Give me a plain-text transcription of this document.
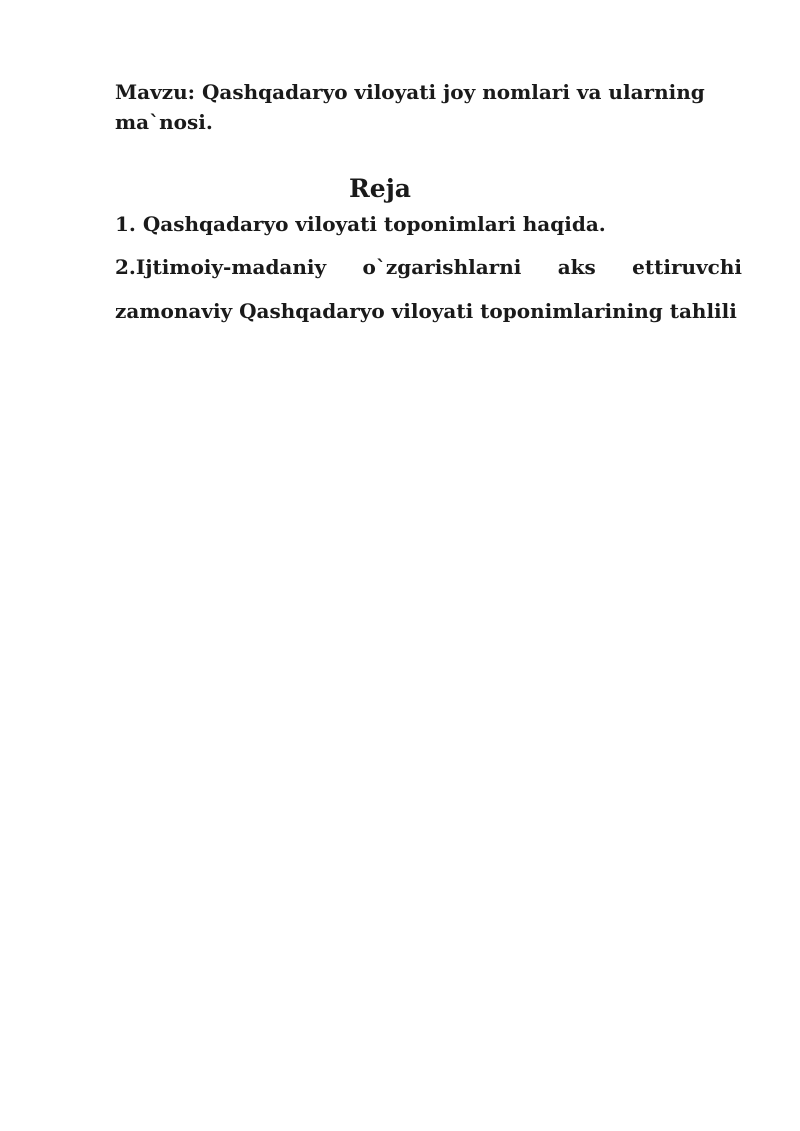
Mavzu: Qashqadaryo viloyati joy nomlari va ularning ma`nosi.

Reja
1. Qashqadaryo viloyati toponimlari haqida.
2.Ijtimoiy-madaniy o`zgarishlarni aks ettiruvchi zamonaviy Qashqadaryo viloyati toponimlarining tahlili
